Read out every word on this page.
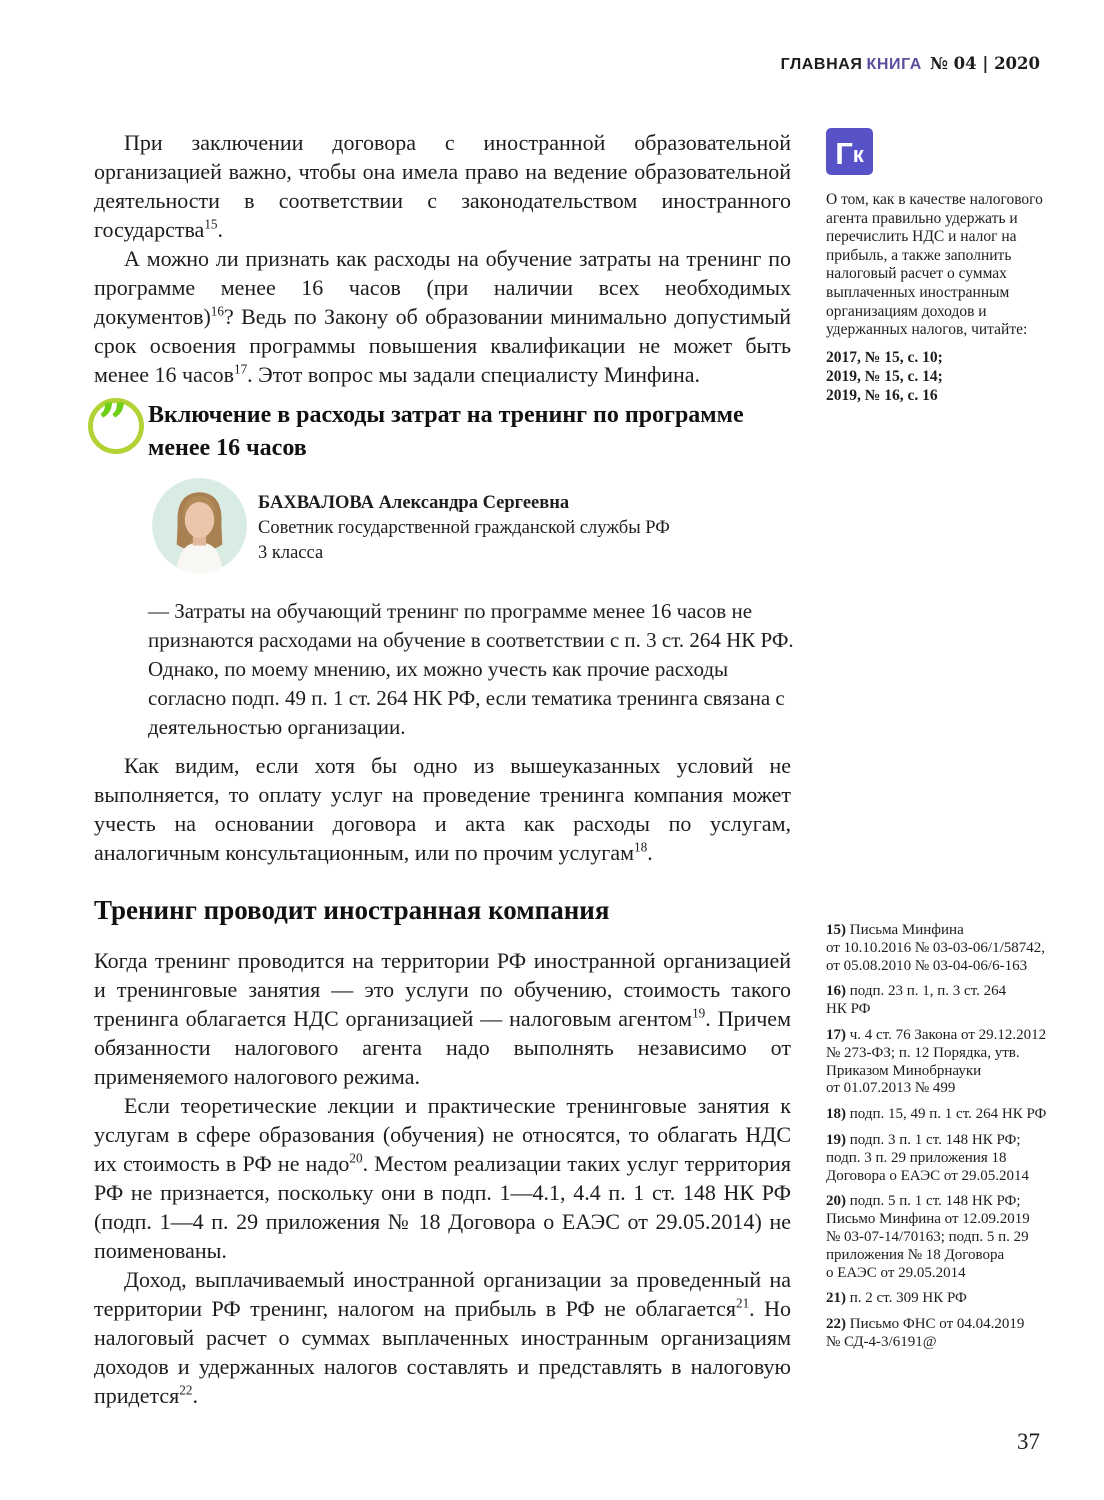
ГЛАВНАЯ КНИГА № 04 | 2020

При заключении договора с иностранной образовательной организацией важно, чтобы она имела право на ведение образовательной деятельности в соответствии с законодательством иностранного государства$^{15}$.

А можно ли признать как расходы на обучение затраты на тренинг по программе менее 16 часов (при наличии всех необходимых документов)$^{16}$? Ведь по Закону об образовании минимально допустимый срок освоения программы повышения квалификации не может быть менее 16 часов$^{17}$. Этот вопрос мы задали специалисту Минфина.

” Включение в расходы затрат на тренинг по программе менее 16 часов
БАХВАЛОВА Александра Сергеевна
Советник государственной гражданской службы РФ
3 класса

— Затраты на обучающий тренинг по программе менее 16 часов не признаются расходами на обучение в соответствии с п. 3 ст. 264 НК РФ. Однако, по моему мнению, их можно учесть как прочие расходы согласно подп. 49 п. 1 ст. 264 НК РФ, если тематика тренинга связана с деятельностью организации.

Как видим, если хотя бы одно из вышеуказанных условий не выполняется, то оплату услуг на проведение тренинга компания может учесть на основании договора и акта как расходы по услугам, аналогичным консультационным, или по прочим услугам$^{18}$.

Тренинг проводит иностранная компания

Когда тренинг проводится на территории РФ иностранной организацией и тренинговые занятия — это услуги по обучению, стоимость такого тренинга облагается НДС организацией — налоговым агентом$^{19}$. Причем обязанности налогового агента надо выполнять независимо от применяемого налогового режима.

Если теоретические лекции и практические тренинговые занятия к услугам в сфере образования (обучения) не относятся, то облагать НДС их стоимость в РФ не надо$^{20}$. Местом реализации таких услуг территория РФ не признается, поскольку они в подп. 1—4.1, 4.4 п. 1 ст. 148 НК РФ (подп. 1—4 п. 29 приложения № 18 Договора о ЕАЭС от 29.05.2014) не поименованы.

Доход, выплачиваемый иностранной организации за проведенный на территории РФ тренинг, налогом на прибыль в РФ не облагается$^{21}$. Но налоговый расчет о суммах выплаченных иностранным организациям доходов и удержанных налогов составлять и представлять в налоговую придется$^{22}$.

Г к

О том, как в качестве налогового агента правильно удержать и перечислить НДС и налог на прибыль, а также заполнить налоговый расчет о суммах выплаченных иностранным организациям доходов и удержанных налогов, читайте:

2017, № 15, с. 10;
2019, № 15, с. 14;
2019, № 16, с. 16

15) Письма Минфина от 10.10.2016 № 03-03-06/1/58742, от 05.08.2010 № 03-04-06/6-163

16) подп. 23 п. 1, п. 3 ст. 264 НК РФ

17) ч. 4 ст. 76 Закона от 29.12.2012 № 273-ФЗ; п. 12 Порядка, утв. Приказом Минобрнауки от 01.07.2013 № 499

18) подп. 15, 49 п. 1 ст. 264 НК РФ

19) подп. 3 п. 1 ст. 148 НК РФ; подп. 3 п. 29 приложения 18 Договора о ЕАЭС от 29.05.2014

20) подп. 5 п. 1 ст. 148 НК РФ; Письмо Минфина от 12.09.2019 № 03-07-14/70163; подп. 5 п. 29 приложения № 18 Договора о ЕАЭС от 29.05.2014

21) п. 2 ст. 309 НК РФ

22) Письмо ФНС от 04.04.2019 № СД-4-3/6191@

37
